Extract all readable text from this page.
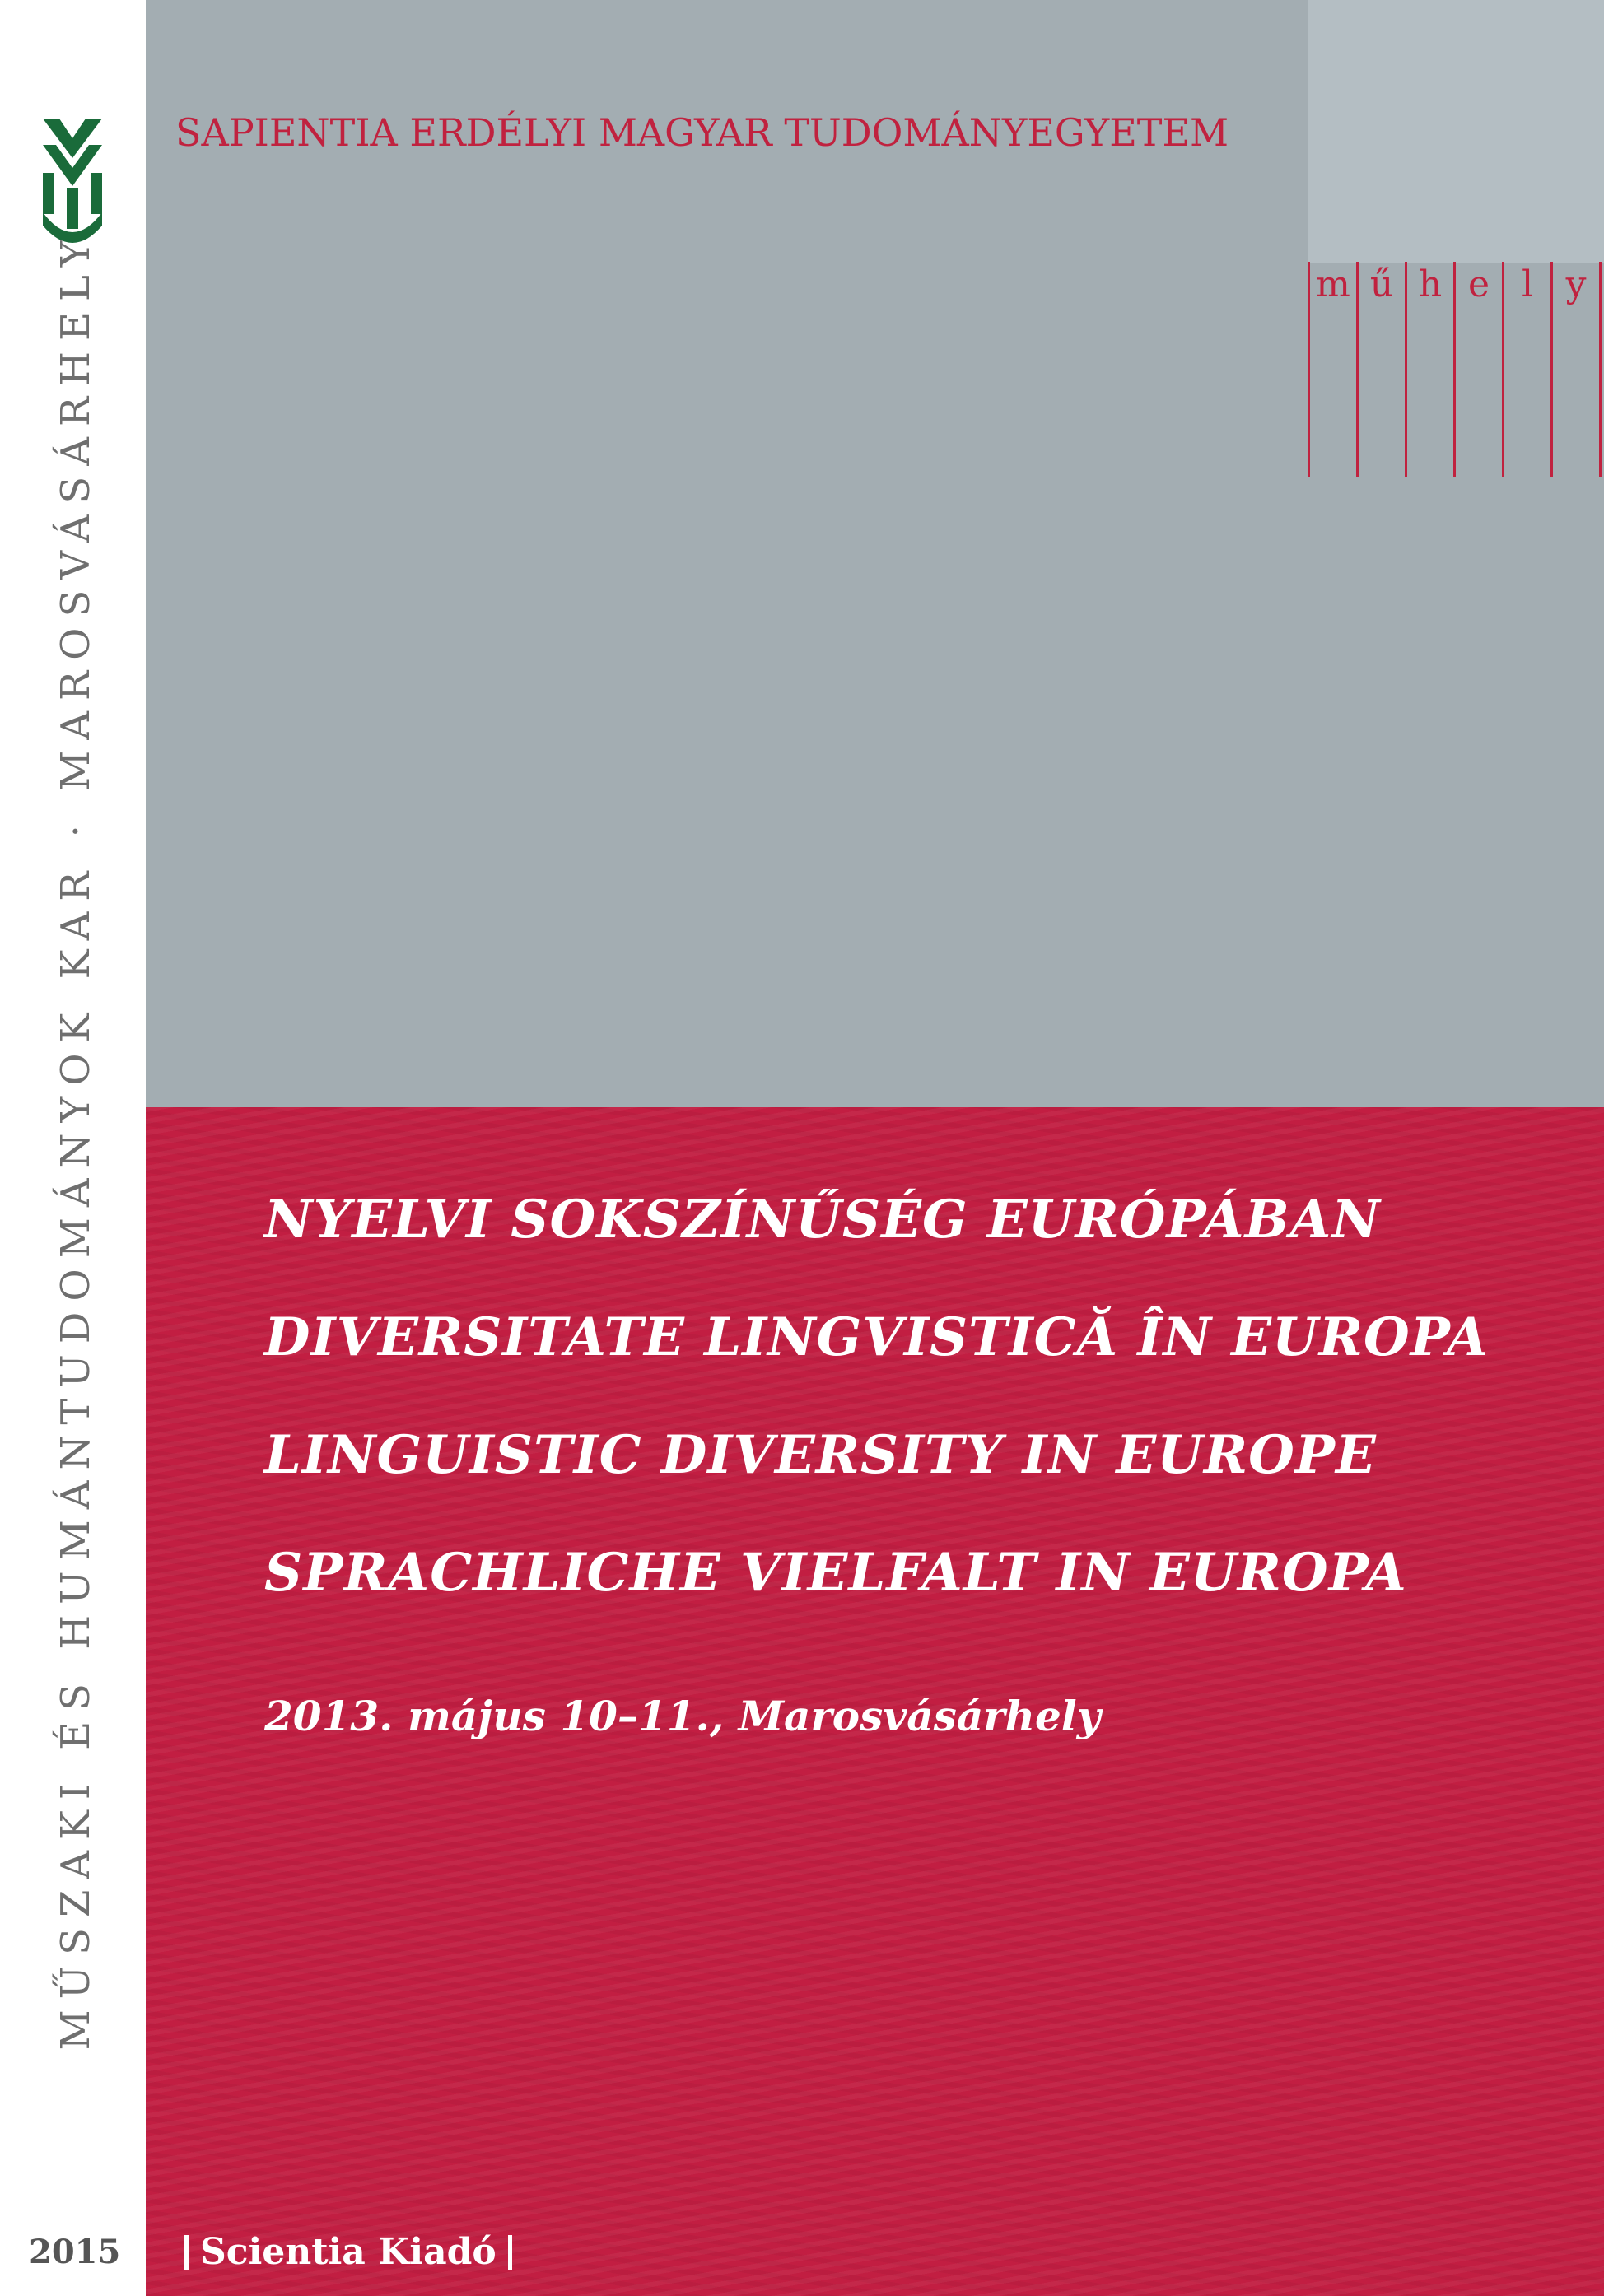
MŰSZAKI ÉS HUMÁNTUDOMÁNYOK KAR · MAROSVÁSÁRHELY
2015
SAPIENTIA ERDÉLYI MAGYAR TUDOMÁNYEGYETEM
m ű h e l y
NYELVI SOKSZÍNŰSÉG EURÓPÁBAN
DIVERSITATE LINGVISTICĂ ÎN EUROPA
LINGUISTIC DIVERSITY IN EUROPE
SPRACHLICHE VIELFALT IN EUROPA
2013. május 10–11., Marosvásárhely
Scientia Kiadó
